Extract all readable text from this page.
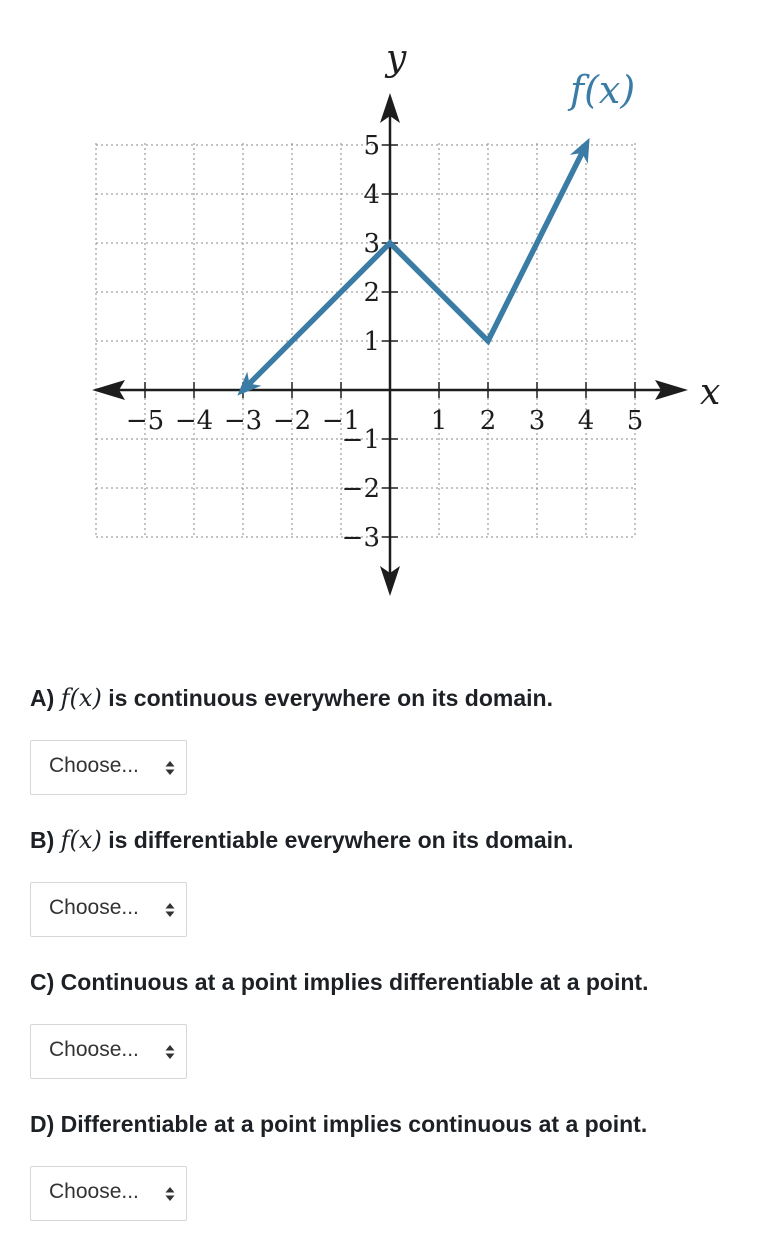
−5 −4 −3 −2 −1	1 2 3 4 5
−3
−2
−1
1
2
3
4
5
x
y
f(x)
A) f(x) is continuous everywhere on its domain.
Choose...
B) f(x) is differentiable everywhere on its domain.
Choose...
C) Continuous at a point implies differentiable at a point.
Choose...
D) Differentiable at a point implies continuous at a point.
Choose...
